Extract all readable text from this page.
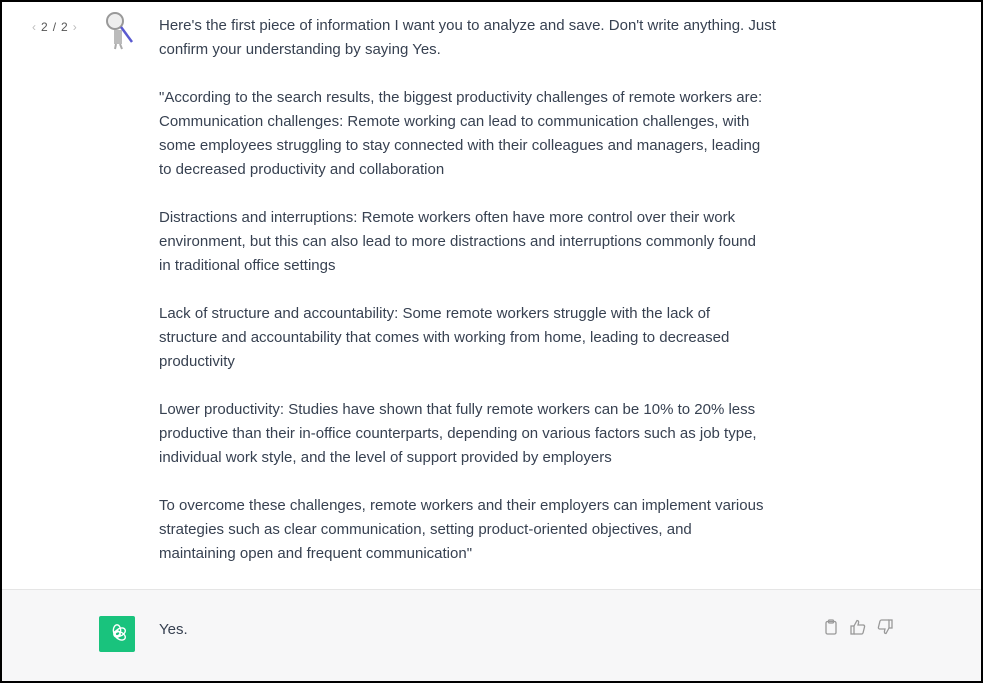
‹ 2 / 2 ›	Here's the first piece of information I want you to analyze and save. Don't write anything. Just
confirm your understanding by saying Yes.

"According to the search results, the biggest productivity challenges of remote workers are:
Communication challenges: Remote working can lead to communication challenges, with
some employees struggling to stay connected with their colleagues and managers, leading
to decreased productivity and collaboration

Distractions and interruptions: Remote workers often have more control over their work
environment, but this can also lead to more distractions and interruptions commonly found
in traditional office settings

Lack of structure and accountability: Some remote workers struggle with the lack of
structure and accountability that comes with working from home, leading to decreased
productivity

Lower productivity: Studies have shown that fully remote workers can be 10% to 20% less
productive than their in-office counterparts, depending on various factors such as job type,
individual work style, and the level of support provided by employers

To overcome these challenges, remote workers and their employers can implement various
strategies such as clear communication, setting product-oriented objectives, and
maintaining open and frequent communication"

Yes.
